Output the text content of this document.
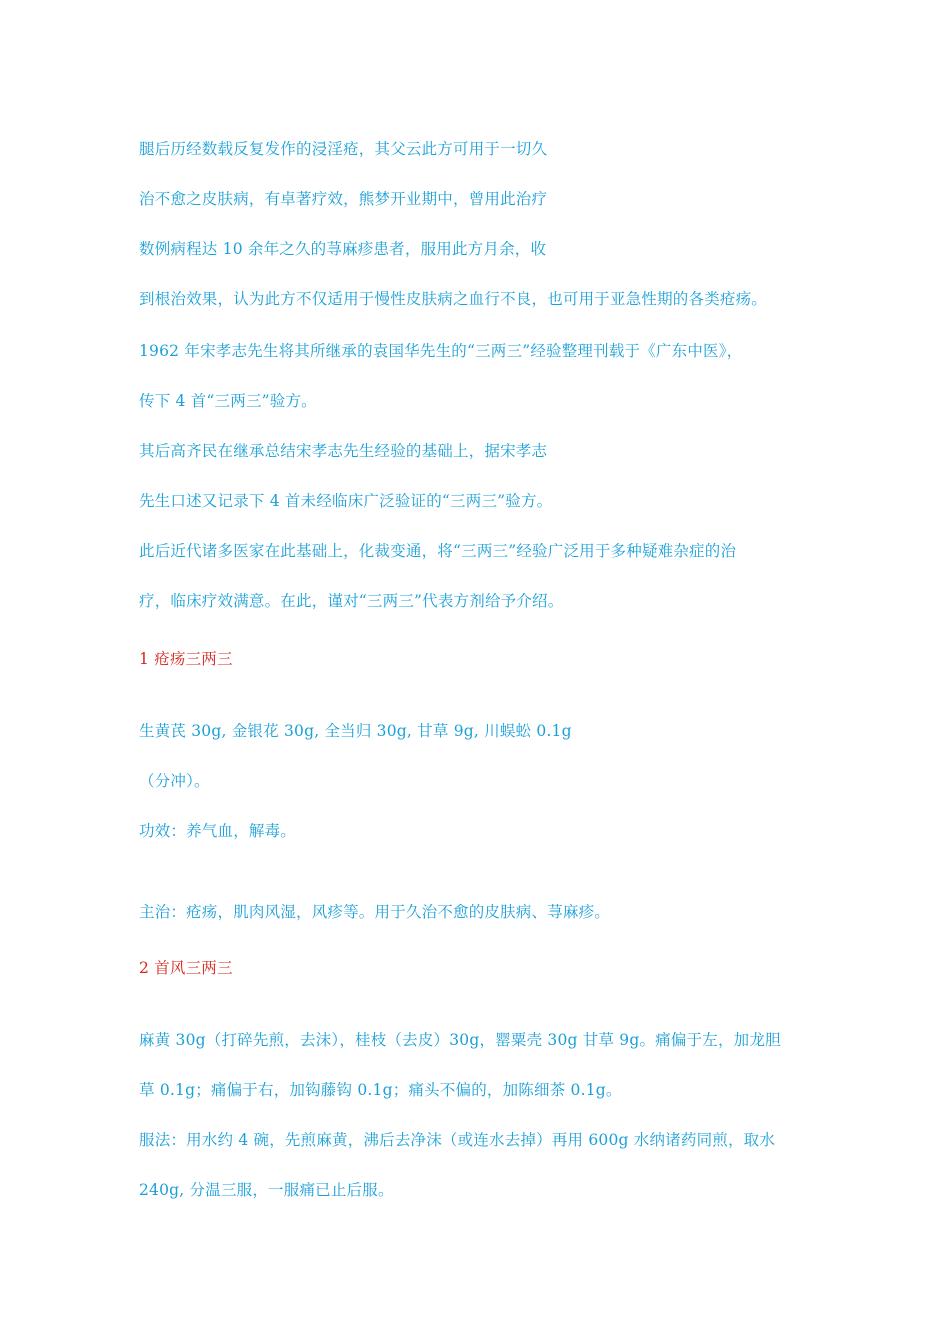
腿后历经数载反复发作的浸淫疮，其父云此方可用于一切久
治不愈之皮肤病，有卓著疗效，熊梦开业期中，曾用此治疗
数例病程达 10 余年之久的荨麻疹患者，服用此方月余，收
到根治效果，认为此方不仅适用于慢性皮肤病之血行不良，也可用于亚急性期的各类疮疡。
1962 年宋孝志先生将其所继承的袁国华先生的“三两三”经验整理刊载于《广东中医》，
传下 4 首“三两三”验方。
其后高齐民在继承总结宋孝志先生经验的基础上，据宋孝志
先生口述又记录下 4 首未经临床广泛验证的“三两三”验方。
此后近代诸多医家在此基础上，化裁变通，将“三两三”经验广泛用于多种疑难杂症的治
疗，临床疗效满意。在此，谨对“三两三”代表方剂给予介绍。
1 疮疡三两三
生黄芪 30g, 金银花 30g, 全当归 30g, 甘草 9g, 川蜈蚣 0.1g
（分冲）。
功效：养气血，解毒。
主治：疮疡，肌肉风湿，风疹等。用于久治不愈的皮肤病、荨麻疹。
2 首风三两三
麻黄 30g（打碎先煎，去沫），桂枝（去皮）30g，罂粟壳 30g 甘草 9g。痛偏于左，加龙胆
草 0.1g；痛偏于右，加钩藤钩 0.1g；痛头不偏的，加陈细茶 0.1g。
服法：用水约 4 碗，先煎麻黄，沸后去净沫（或连水去掉）再用 600g 水纳诸药同煎，取水
240g, 分温三服，一服痛已止后服。
